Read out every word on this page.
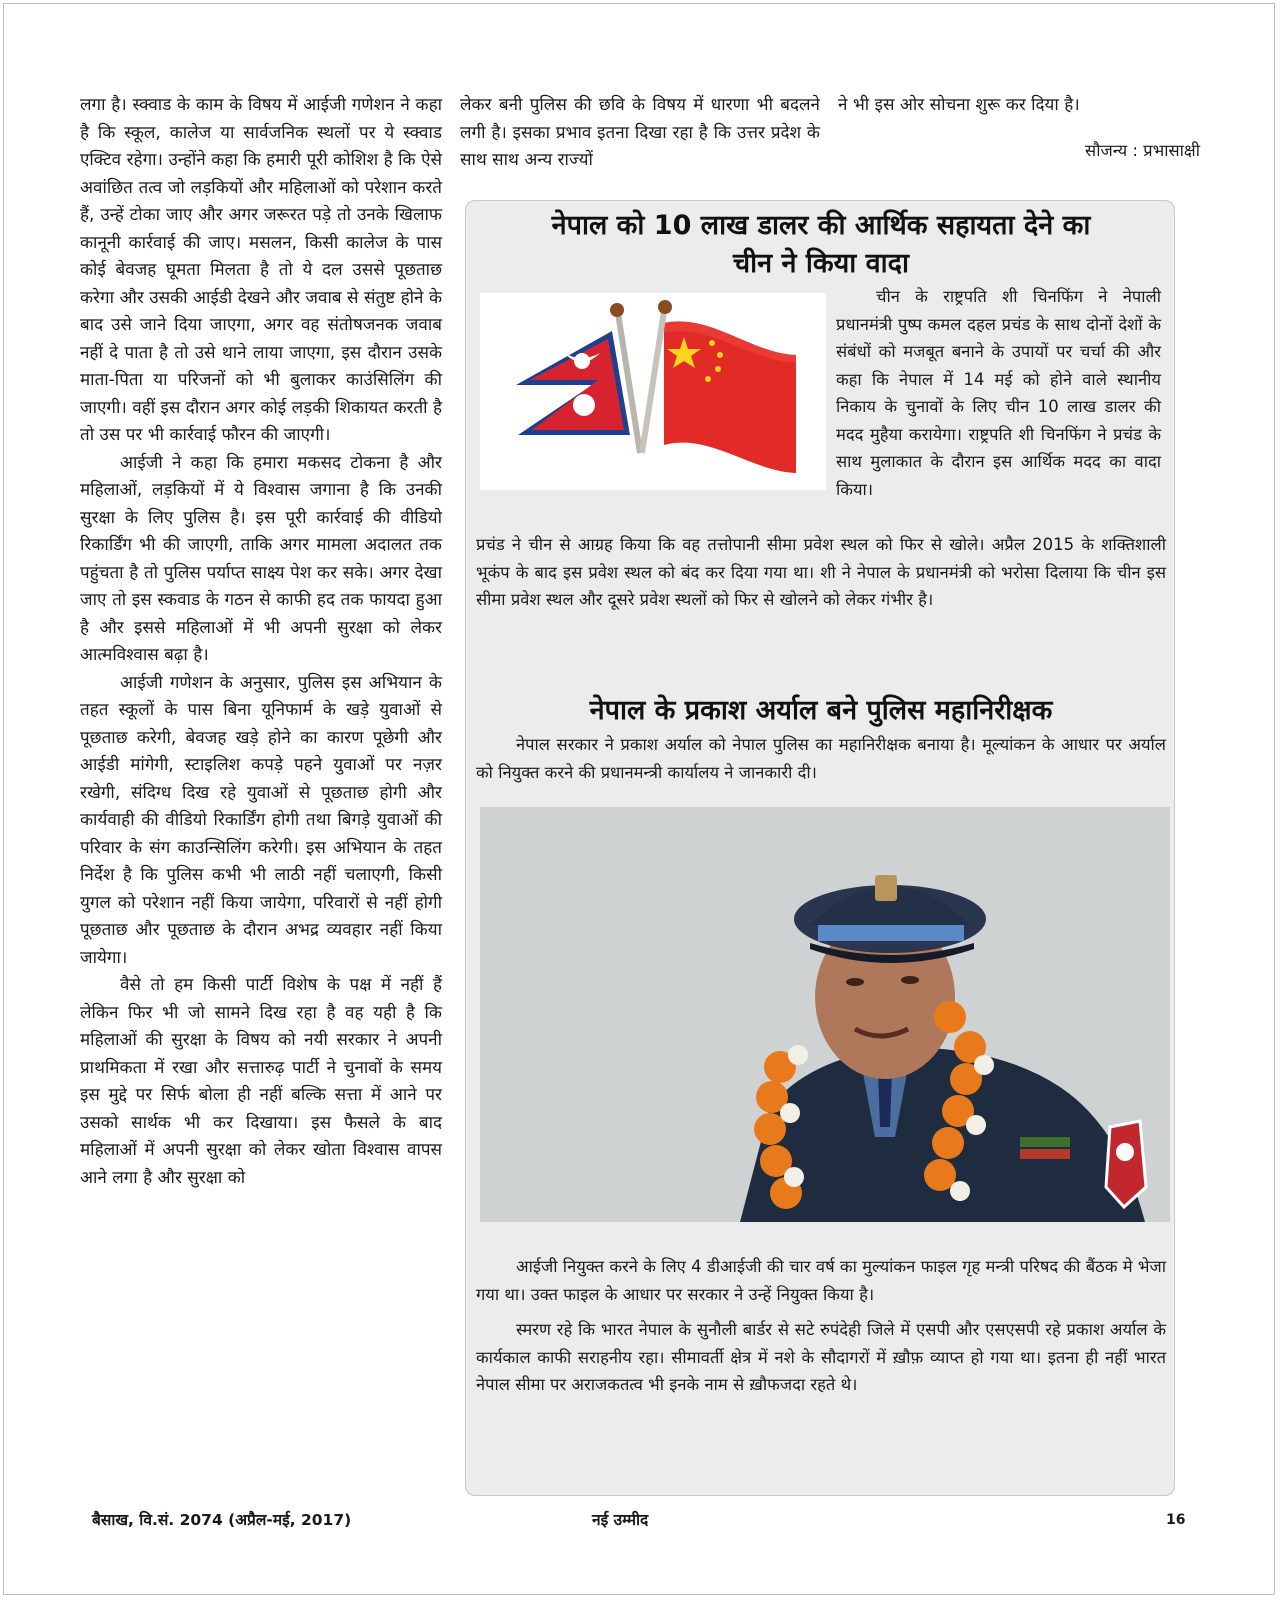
लगा है। स्क्वाड के काम के विषय में आईजी गणेशन ने कहा है कि स्कूल, कालेज या सार्वजनिक स्थलों पर ये स्क्वाड एक्टिव रहेगा। उन्होंने कहा कि हमारी पूरी कोशिश है कि ऐसे अवांछित तत्व जो लड़कियों और महिलाओं को परेशान करते हैं, उन्हें टोका जाए और अगर जरूरत पड़े तो उनके खिलाफ कानूनी कार्रवाई की जाए। मसलन, किसी कालेज के पास कोई बेवजह घूमता मिलता है तो ये दल उससे पूछताछ करेगा और उसकी आईडी देखने और जवाब से संतुष्ट होने के बाद उसे जाने दिया जाएगा, अगर वह संतोषजनक जवाब नहीं दे पाता है तो उसे थाने लाया जाएगा, इस दौरान उसके माता-पिता या परिजनों को भी बुलाकर काउंसिलिंग की जाएगी। वहीं इस दौरान अगर कोई लड़की शिकायत करती है तो उस पर भी कार्रवाई फौरन की जाएगी।

आईजी ने कहा कि हमारा मकसद टोकना है और महिलाओं, लड़कियों में ये विश्वास जगाना है कि उनकी सुरक्षा के लिए पुलिस है। इस पूरी कार्रवाई की वीडियो रिकार्डिंग भी की जाएगी, ताकि अगर मामला अदालत तक पहुंचता है तो पुलिस पर्याप्त साक्ष्य पेश कर सके। अगर देखा जाए तो इस स्कवाड के गठन से काफी हद तक फायदा हुआ है और इससे महिलाओं में भी अपनी सुरक्षा को लेकर आत्मविश्वास बढ़ा है।

आईजी गणेशन के अनुसार, पुलिस इस अभियान के तहत स्कूलों के पास बिना यूनिफार्म के खड़े युवाओं से पूछताछ करेगी, बेवजह खड़े होने का कारण पूछेगी और आईडी मांगेगी, स्टाइलिश कपड़े पहने युवाओं पर नज़र रखेगी, संदिग्ध दिख रहे युवाओं से पूछताछ होगी और कार्यवाही की वीडियो रिकार्डिंग होगी तथा बिगड़े युवाओं की परिवार के संग काउन्सिलिंग करेगी। इस अभियान के तहत निर्देश है कि पुलिस कभी भी लाठी नहीं चलाएगी, किसी युगल को परेशान नहीं किया जायेगा, परिवारों से नहीं होगी पूछताछ और पूछताछ के दौरान अभद्र व्यवहार नहीं किया जायेगा।

वैसे तो हम किसी पार्टी विशेष के पक्ष में नहीं हैं लेकिन फिर भी जो सामने दिख रहा है वह यही है कि महिलाओं की सुरक्षा के विषय को नयी सरकार ने अपनी प्राथमिकता में रखा और सत्तारुढ़ पार्टी ने चुनावों के समय इस मुद्दे पर सिर्फ बोला ही नहीं बल्कि सत्ता में आने पर उसको सार्थक भी कर दिखाया। इस फैसले के बाद महिलाओं में अपनी सुरक्षा को लेकर खोता विश्वास वापस आने लगा है और सुरक्षा को

लेकर बनी पुलिस की छवि के विषय में धारणा भी बदलने लगी है। इसका प्रभाव इतना दिखा रहा है कि उत्तर प्रदेश के साथ साथ अन्य राज्यों

ने भी इस ओर सोचना शुरू कर दिया है।

सौजन्य : प्रभासाक्षी

नेपाल को 10 लाख डालर की आर्थिक सहायता देने का
चीन ने किया वादा

चीन के राष्ट्रपति शी चिनफिंग ने नेपाली प्रधानमंत्री पुष्प कमल दहल प्रचंड के साथ दोनों देशों के संबंधों को मजबूत बनाने के उपायों पर चर्चा की और कहा कि नेपाल में 14 मई को होने वाले स्थानीय निकाय के चुनावों के लिए चीन 10 लाख डालर की मदद मुहैया करायेगा। राष्ट्रपति शी चिनफिंग ने प्रचंड के साथ मुलाकात के दौरान इस आर्थिक मदद का वादा किया।

प्रचंड ने चीन से आग्रह किया कि वह तत्तोपानी सीमा प्रवेश स्थल को फिर से खोले। अप्रैल 2015 के शक्तिशाली भूकंप के बाद इस प्रवेश स्थल को बंद कर दिया गया था। शी ने नेपाल के प्रधानमंत्री को भरोसा दिलाया कि चीन इस सीमा प्रवेश स्थल और दूसरे प्रवेश स्थलों को फिर से खोलने को लेकर गंभीर है।

नेपाल के प्रकाश अर्याल बने पुलिस महानिरीक्षक

नेपाल सरकार ने प्रकाश अर्याल को नेपाल पुलिस का महानिरीक्षक बनाया है। मूल्यांकन के आधार पर अर्याल को नियुक्त करने की प्रधानमन्त्री कार्यालय ने जानकारी दी।

आईजी नियुक्त करने के लिए 4 डीआईजी की चार वर्ष का मुल्यांकन फाइल गृह मन्त्री परिषद की बैंठक मे भेजा गया था। उक्त फाइल के आधार पर सरकार ने उन्हें नियुक्त किया है।

स्मरण रहे कि भारत नेपाल के सुनौली बार्डर से सटे रुपंदेही जिले में एसपी और एसएसपी रहे प्रकाश अर्याल के कार्यकाल काफी सराहनीय रहा। सीमावर्ती क्षेत्र में नशे के सौदागरों में ख़ौफ़ व्याप्त हो गया था। इतना ही नहीं भारत नेपाल सीमा पर अराजकतत्व भी इनके नाम से ख़ौफजदा रहते थे।

बैसाख, वि.सं. 2074 (अप्रैल-मई, 2017)	नई उम्मीद	16
